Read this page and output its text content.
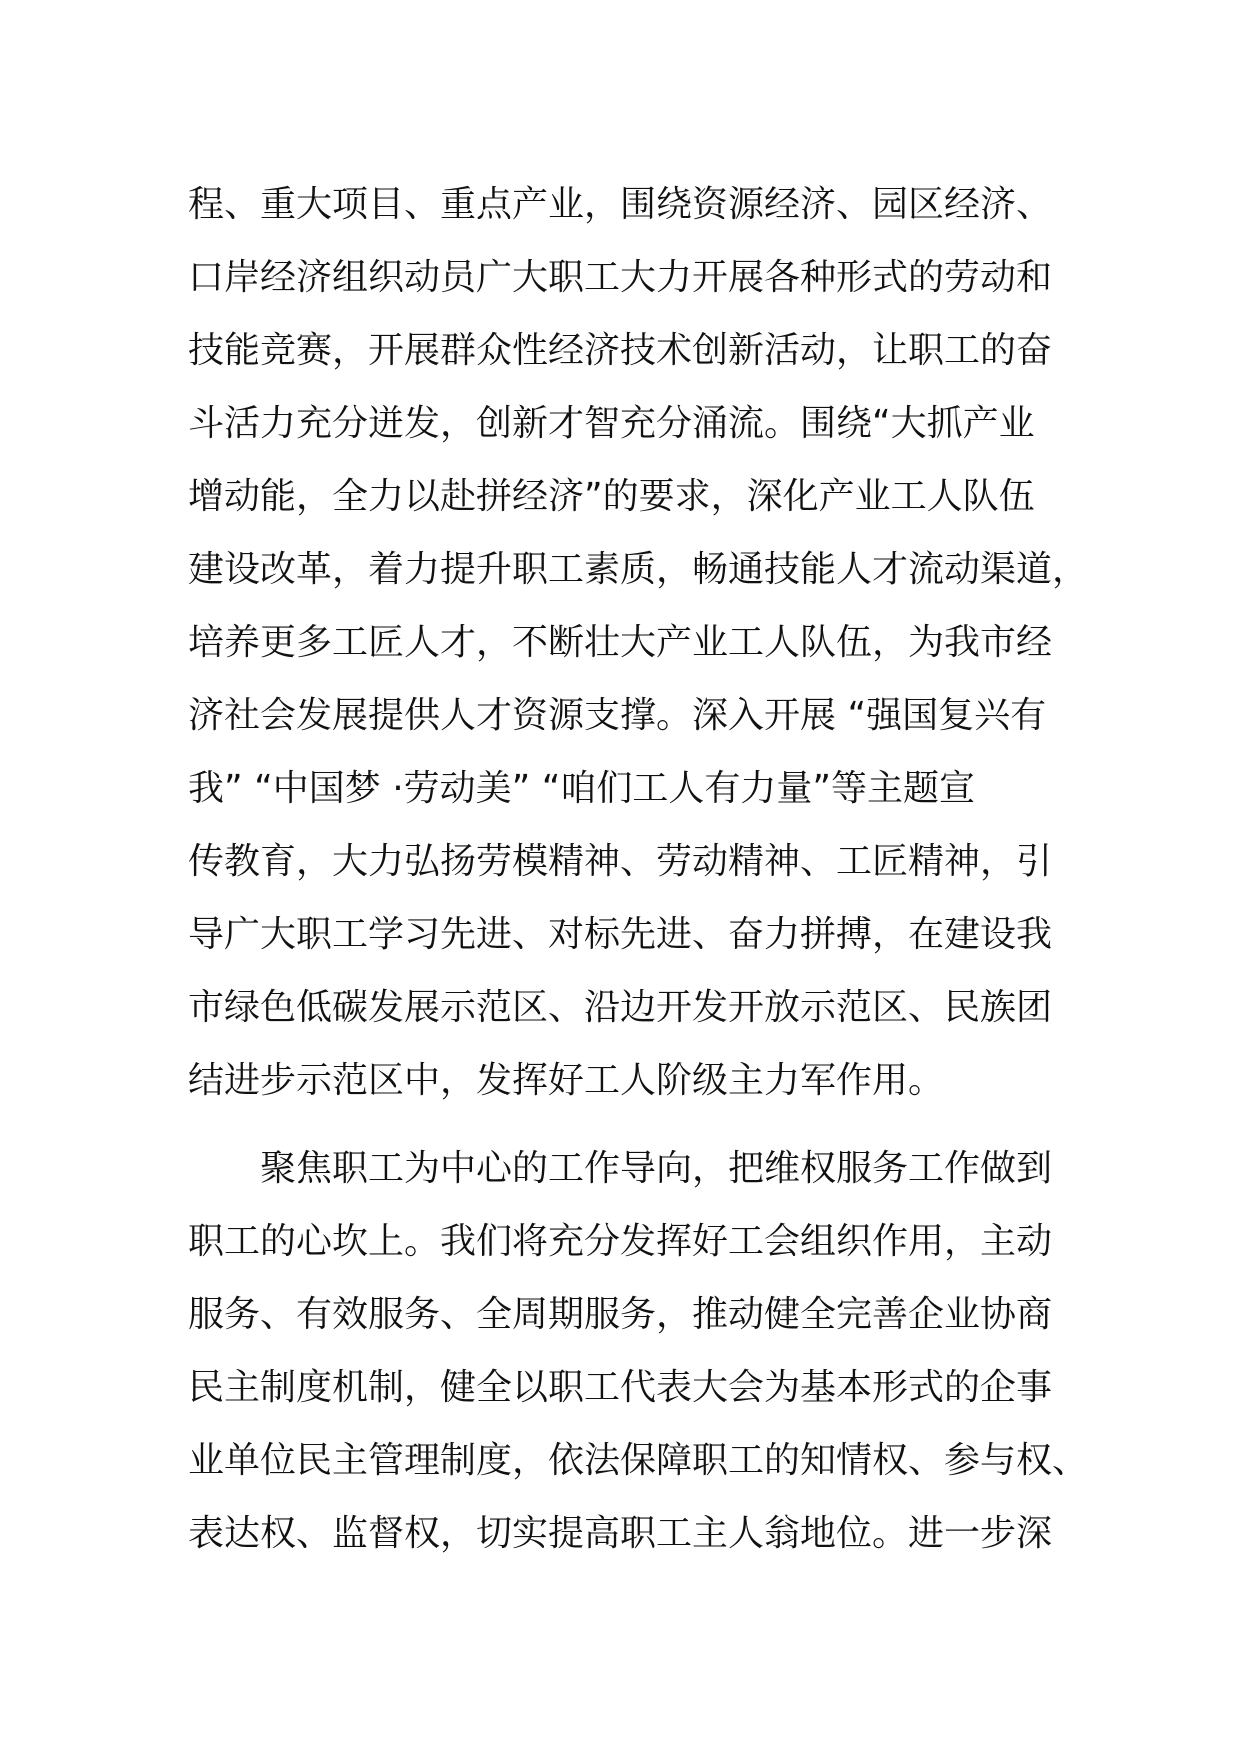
程、重大项目、重点产业，围绕资源经济、园区经济、
口岸经济组织动员广大职工大力开展各种形式的劳动和
技能竞赛，开展群众性经济技术创新活动，让职工的奋
斗活力充分迸发，创新才智充分涌流。围绕“大抓产业
增动能，全力以赴拼经济”的要求，深化产业工人队伍
建设改革，着力提升职工素质，畅通技能人才流动渠道，
培养更多工匠人才，不断壮大产业工人队伍，为我市经
济社会发展提供人才资源支撑。深入开展 “强国复兴有
我” “中国梦 ·劳动美” “咱们工人有力量”等主题宣
传教育，大力弘扬劳模精神、劳动精神、工匠精神，引
导广大职工学习先进、对标先进、奋力拼搏，在建设我
市绿色低碳发展示范区、沿边开发开放示范区、民族团
结进步示范区中，发挥好工人阶级主力军作用。
聚焦职工为中心的工作导向，把维权服务工作做到
职工的心坎上。我们将充分发挥好工会组织作用，主动
服务、有效服务、全周期服务，推动健全完善企业协商
民主制度机制，健全以职工代表大会为基本形式的企事
业单位民主管理制度，依法保障职工的知情权、参与权、
表达权、监督权，切实提高职工主人翁地位。进一步深
